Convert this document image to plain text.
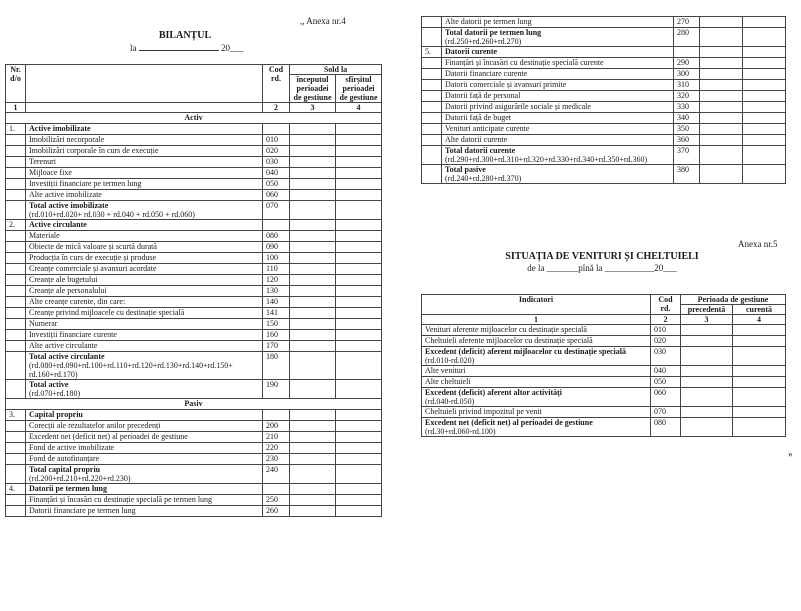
,, Anexa nr.4
BILANȚUL
la	20___
Nr. d/o		Cod rd.	Sold la	
			începutul perioadei de gestiune	sfîrșitul perioadei de gestiune
1		2	3	4
Activ				
1.	Active imobilizate			

	Imobilizări necorporale	010		

	Imobilizări corporale în curs de execuție	020		

	Terenuri	030		

	Mijloace fixe	040		

	Investiții financiare pe termen lung	050		

	Alte active imobilizate	060		

	Total active imobilizate
(rd.010+rd.020+ rd.030 + rd.040 + rd.050 + rd.060)	070		
2.	Active circulante			

	Materiale	080		

	Obiecte de mică valoare și scurtă durată	090		

	Producția în curs de execuție și produse	100		

	Creanțe comerciale și avansuri acordate	110		

	Creanțe ale bugetului	120		

	Creanțe ale personalului	130		

	Alte creanțe curente, din care:	140		

	Creanțe privind mijloacele cu destinație specială	141		

	Numerar	150		

	Investiții financiare curente	160		

	Alte active circulante	170		

	Total active circulante
(rd.080+rd.090+rd.100+rd.110+rd.120+rd.130+rd.140+rd.150+ rd.160+rd.170)	180		

	Total active
(rd.070+rd.180)	190		
Pasiv				
3.	Capital propriu			

	Corecții ale rezultatelor anilor precedenți	200		

	Excedent net (deficit net) al perioadei de gestiune	210		

	Fond de active imobilizate	220		

	Fond de autofinanțare	230		

	Total capital propriu
(rd.200+rd.210+rd.220+rd.230)	240		
4.	Datorii pe termen lung			

	Finanțări și încasări cu destinație specială pe termen lung	250		

	Datorii financiare pe termen lung	260		

	Alte datorii pe termen lung	270		

	Total datorii pe termen lung
(rd.250+rd.260+rd.270)	280		
5.	Datorii curente			

	Finanțări și încasări cu destinație specială curente	290		

	Datorii financiare curente	300		

	Datorii comerciale și avansuri primite	310		

	Datorii față de personal	320		

	Datorii privind asigurările sociale și medicale	330		

	Datorii față de buget	340		

	Venituri anticipate curente	350		

	Alte datorii curente	360		

	Total datorii curente
(rd.290+rd.300+rd.310+rd.320+rd.330+rd.340+rd.350+rd.360)	370		

	Total pasive
(rd.240+rd.280+rd.370)	380		
Anexa nr.5
SITUAȚIA DE VENITURI ȘI CHELTUIELI
de la _______pînă la ___________20___
Indicatori	Cod rd.	Perioada de gestiune	
		precedentă	curentă
1	2	3	4

Venituri aferente mijloacelor cu destinație specială	010		

Cheltuieli aferente mijloacelor cu destinație specială	020		

Excedent (deficit) aferent mijloacelor cu destinație specială
(rd.010-rd.020)	030		

Alte venituri	040		

Alte cheltuieli	050		

Excedent (deficit) aferent altor activități
(rd.040-rd.050)	060		

Cheltuieli privind impozitul pe venit	070		

Excedent net (deficit net) al perioadei de gestiune
(rd.30+rd.060-rd.100)	080		
»
